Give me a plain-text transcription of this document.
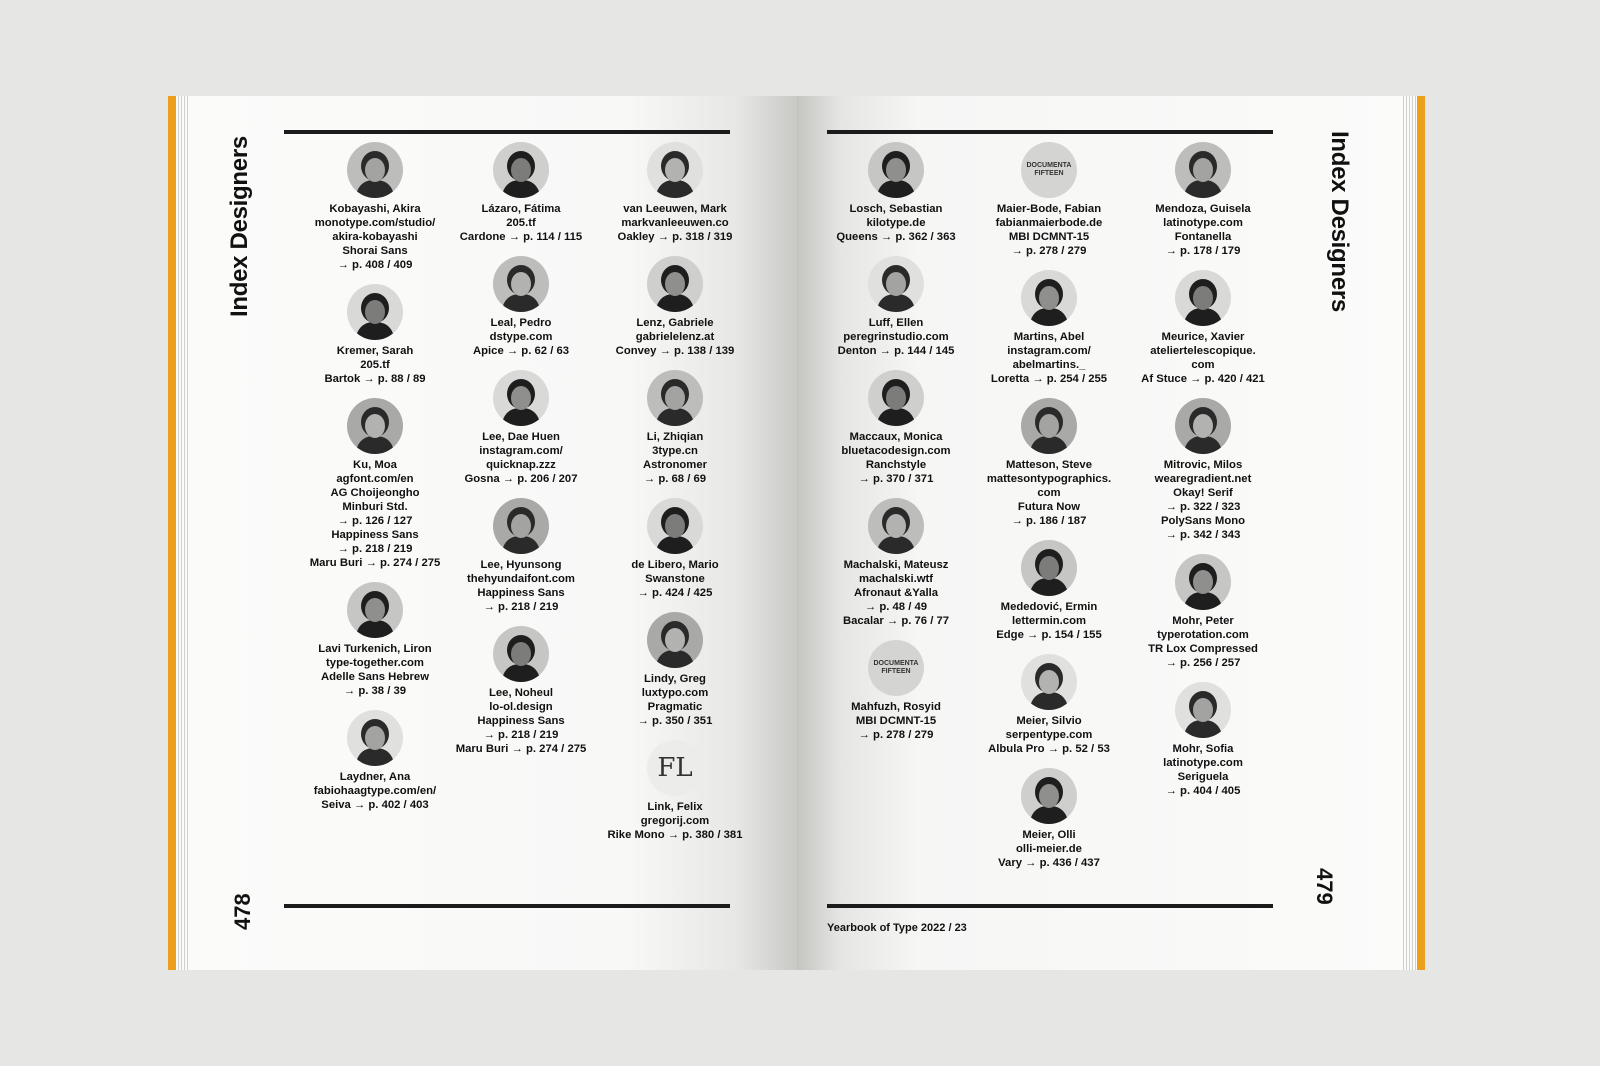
Index Designers
478

Kobayashi, Akira

monotype.com/studio/

akira-kobayashi

Shorai Sans

→ p. 408 / 409

Kremer, Sarah

205.tf

Bartok → p. 88 / 89

Ku, Moa

agfont.com/en

AG Choijeongho

Minburi Std.

→ p. 126 / 127

Happiness Sans

→ p. 218 / 219

Maru Buri → p. 274 / 275

Lavi Turkenich, Liron

type-together.com

Adelle Sans Hebrew

→ p. 38 / 39

Laydner, Ana

fabiohaagtype.com/en/

Seiva → p. 402 / 403

Lázaro, Fátima

205.tf

Cardone → p. 114 / 115

Leal, Pedro

dstype.com

Apice → p. 62 / 63

Lee, Dae Huen

instagram.com/

quicknap.zzz

Gosna → p. 206 / 207

Lee, Hyunsong

thehyundaifont.com

Happiness Sans

→ p. 218 / 219

Lee, Noheul

lo-ol.design

Happiness Sans

→ p. 218 / 219

Maru Buri → p. 274 / 275

van Leeuwen, Mark

markvanleeuwen.co

Oakley → p. 318 / 319

Lenz, Gabriele

gabrielelenz.at

Convey → p. 138 / 139

Li, Zhiqian

3type.cn

Astronomer

→ p. 68 / 69

de Libero, Mario

Swanstone

→ p. 424 / 425

Lindy, Greg

luxtypo.com

Pragmatic

→ p. 350 / 351

FL

Link, Felix

gregorij.com

Rike Mono → p. 380 / 381

Yearbook of Type 2022 / 23
Index Designers
479

Losch, Sebastian

kilotype.de

Queens → p. 362 / 363

Luff, Ellen

peregrinstudio.com

Denton → p. 144 / 145

Maccaux, Monica

bluetacodesign.com

Ranchstyle

→ p. 370 / 371

Machalski, Mateusz

machalski.wtf

Afronaut &Yalla

→ p. 48 / 49

Bacalar → p. 76 / 77

DOCUMENTA FIFTEEN

Mahfuzh, Rosyid

MBI DCMNT-15

→ p. 278 / 279

DOCUMENTA FIFTEEN

Maier-Bode, Fabian

fabianmaierbode.de

MBI DCMNT-15

→ p. 278 / 279

Martins, Abel

instagram.com/

abelmartins._

Loretta → p. 254 / 255

Matteson, Steve

mattesontypographics.

com

Futura Now

→ p. 186 / 187

Mededović, Ermin

lettermin.com

Edge → p. 154 / 155

Meier, Silvio

serpentype.com

Albula Pro → p. 52 / 53

Meier, Olli

olli-meier.de

Vary → p. 436 / 437

Mendoza, Guisela

latinotype.com

Fontanella

→ p. 178 / 179

Meurice, Xavier

ateliertelescopique.

com

Af Stuce → p. 420 / 421

Mitrovic, Milos

wearegradient.net

Okay! Serif

→ p. 322 / 323

PolySans Mono

→ p. 342 / 343

Mohr, Peter

typerotation.com

TR Lox Compressed

→ p. 256 / 257

Mohr, Sofia

latinotype.com

Seriguela

→ p. 404 / 405
